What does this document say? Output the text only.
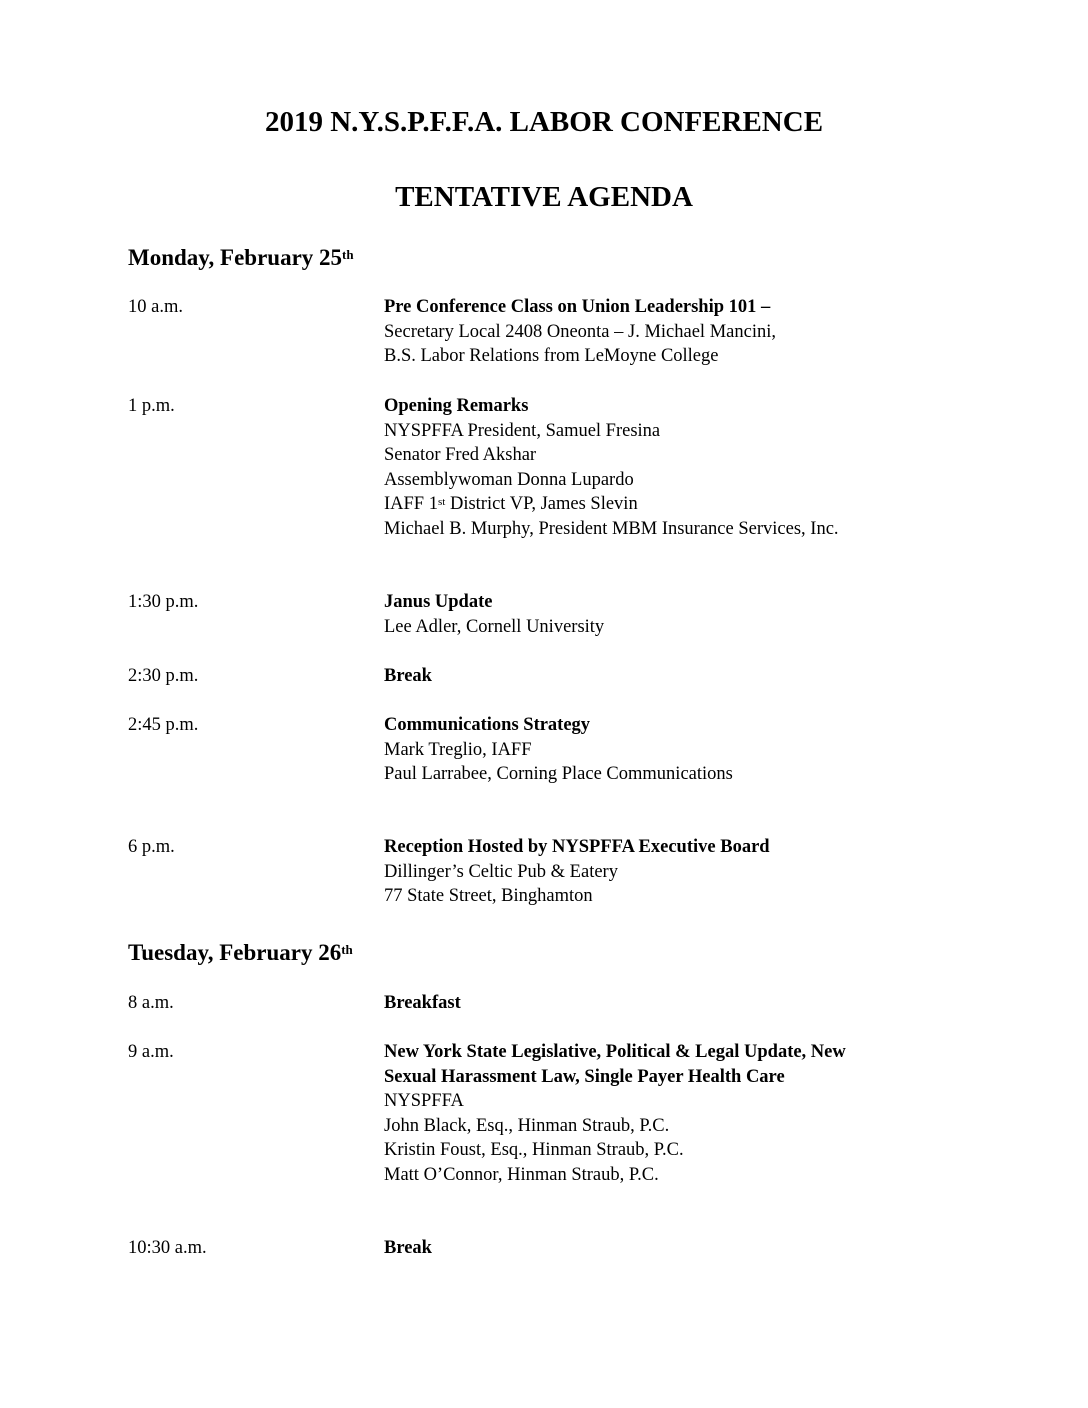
2019 N.Y.S.P.F.F.A. LABOR CONFERENCE
TENTATIVE AGENDA
Monday, February 25th
10 a.m.	Pre Conference Class on Union Leadership 101 –
Secretary Local 2408 Oneonta – J. Michael Mancini,
B.S. Labor Relations from LeMoyne College
1 p.m.	Opening Remarks
NYSPFFA President, Samuel Fresina
Senator Fred Akshar
Assemblywoman Donna Lupardo
IAFF 1st District VP, James Slevin
Michael B. Murphy, President MBM Insurance Services, Inc.
1:30 p.m.	Janus Update
Lee Adler, Cornell University
2:30 p.m.	Break
2:45 p.m.	Communications Strategy
Mark Treglio, IAFF
Paul Larrabee, Corning Place Communications
6 p.m.	Reception Hosted by NYSPFFA Executive Board
Dillinger’s Celtic Pub & Eatery
77 State Street, Binghamton
Tuesday, February 26th
8 a.m.	Breakfast
9 a.m.	New York State Legislative, Political & Legal Update, New
Sexual Harassment Law, Single Payer Health Care
NYSPFFA
John Black, Esq., Hinman Straub, P.C.
Kristin Foust, Esq., Hinman Straub, P.C.
Matt O’Connor, Hinman Straub, P.C.
10:30 a.m.	Break
